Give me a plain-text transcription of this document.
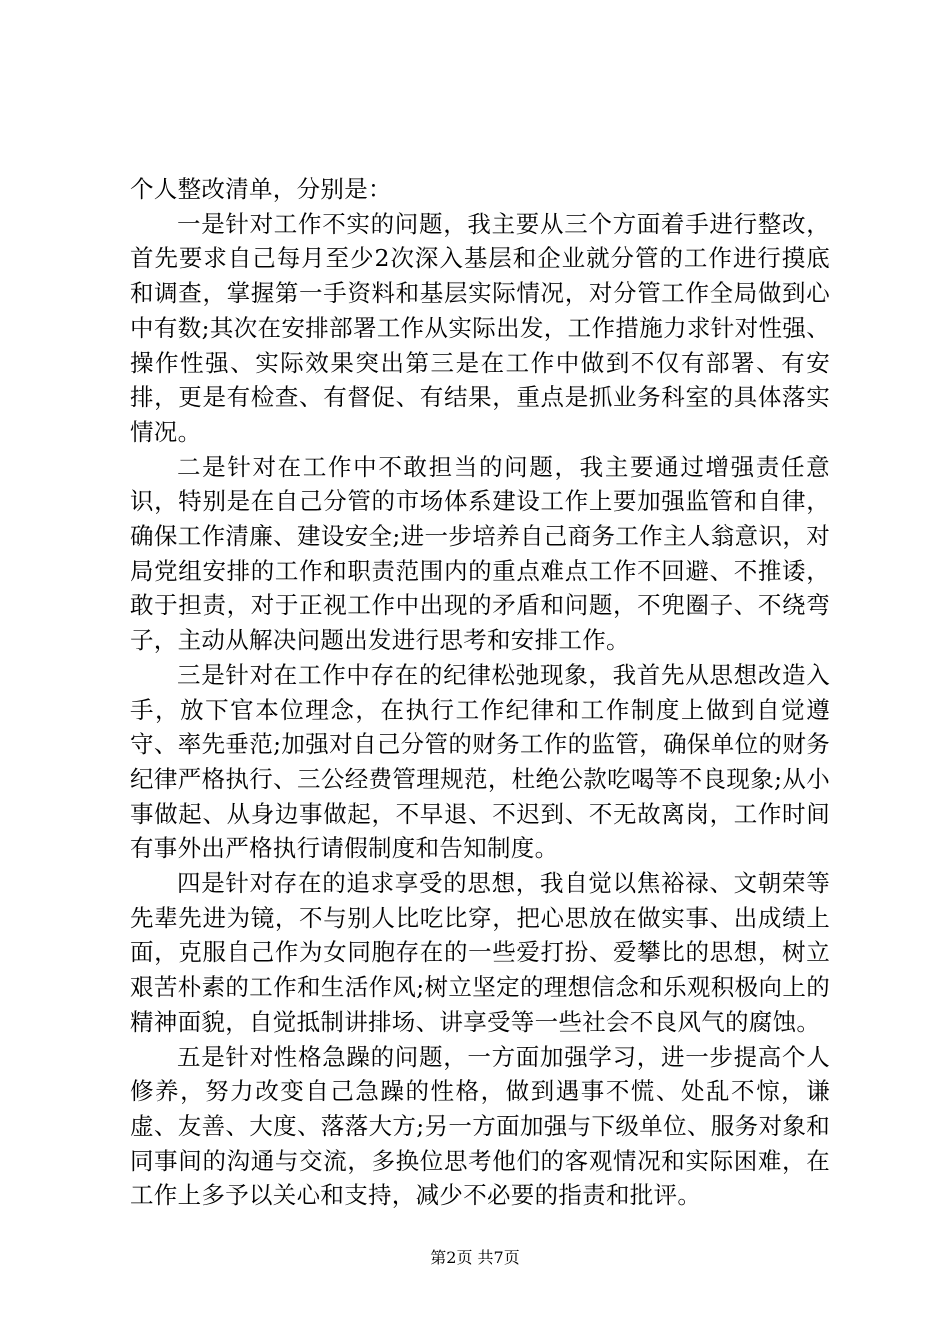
个人整改清单，分别是：

一是针对工作不实的问题，我主要从三个方面着手进行整改，首先要求自己每月至少2次深入基层和企业就分管的工作进行摸底和调查，掌握第一手资料和基层实际情况，对分管工作全局做到心中有数;其次在安排部署工作从实际出发，工作措施力求针对性强、操作性强、实际效果突出第三是在工作中做到不仅有部署、有安排，更是有检查、有督促、有结果，重点是抓业务科室的具体落实情况。

二是针对在工作中不敢担当的问题，我主要通过增强责任意识，特别是在自己分管的市场体系建设工作上要加强监管和自律，确保工作清廉、建设安全;进一步培养自己商务工作主人翁意识，对局党组安排的工作和职责范围内的重点难点工作不回避、不推诿，敢于担责，对于正视工作中出现的矛盾和问题，不兜圈子、不绕弯子，主动从解决问题出发进行思考和安排工作。

三是针对在工作中存在的纪律松弛现象，我首先从思想改造入手，放下官本位理念，在执行工作纪律和工作制度上做到自觉遵守、率先垂范;加强对自己分管的财务工作的监管，确保单位的财务纪律严格执行、三公经费管理规范，杜绝公款吃喝等不良现象;从小事做起、从身边事做起，不早退、不迟到、不无故离岗，工作时间有事外出严格执行请假制度和告知制度。

四是针对存在的追求享受的思想，我自觉以焦裕禄、文朝荣等先辈先进为镜，不与别人比吃比穿，把心思放在做实事、出成绩上面，克服自己作为女同胞存在的一些爱打扮、爱攀比的思想，树立艰苦朴素的工作和生活作风;树立坚定的理想信念和乐观积极向上的精神面貌，自觉抵制讲排场、讲享受等一些社会不良风气的腐蚀。

五是针对性格急躁的问题，一方面加强学习，进一步提高个人修养，努力改变自己急躁的性格，做到遇事不慌、处乱不惊，谦虚、友善、大度、落落大方;另一方面加强与下级单位、服务对象和同事间的沟通与交流，多换位思考他们的客观情况和实际困难，在工作上多予以关心和支持，减少不必要的指责和批评。

第2页 共7页
